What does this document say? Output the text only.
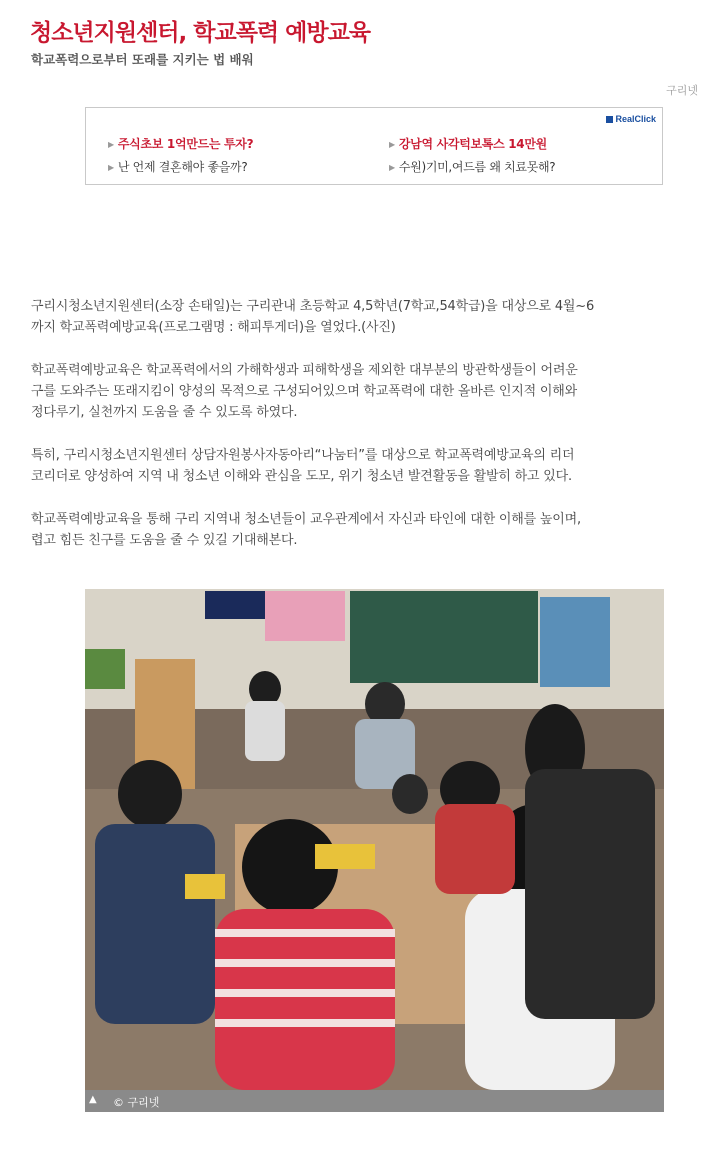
청소년지원센터, 학교폭력 예방교육
학교폭력으로부터 또래를 지키는 법 배워
구리넷
RealClick
▶ 주식초보 1억만드는 투자?	▶ 강남역 사각턱보톡스 14만원
▶ 난 언제 결혼해야 좋을까?	▶ 수원)기미,여드름 왜 치료못해?

구리시청소년지원센터(소장 손태일)는 구리관내 초등학교 4,5학년(7학교,54학급)을 대상으로 4월~6
까지 학교폭력예방교육(프로그램명 : 해피투게더)을 열었다.(사진)

학교폭력예방교육은 학교폭력에서의 가해학생과 피해학생을 제외한 대부분의 방관학생들이 어려운
구를 도와주는 또래지킴이 양성의 목적으로 구성되어있으며 학교폭력에 대한 올바른 인지적 이해와
정다루기, 실천까지 도움을 줄 수 있도록 하였다.

특히, 구리시청소년지원센터 상담자원봉사자동아리“나눔터”를 대상으로 학교폭력예방교육의 리더
코리더로 양성하여 지역 내 청소년 이해와 관심을 도모, 위기 청소년 발견활동을 활발히 하고 있다.

학교폭력예방교육을 통해 구리 지역내 청소년들이 교우관계에서 자신과 타인에 대한 이해를 높이며,
렵고 힘든 친구를 도움을 줄 수 있길 기대해본다.

▲ © 구리넷
